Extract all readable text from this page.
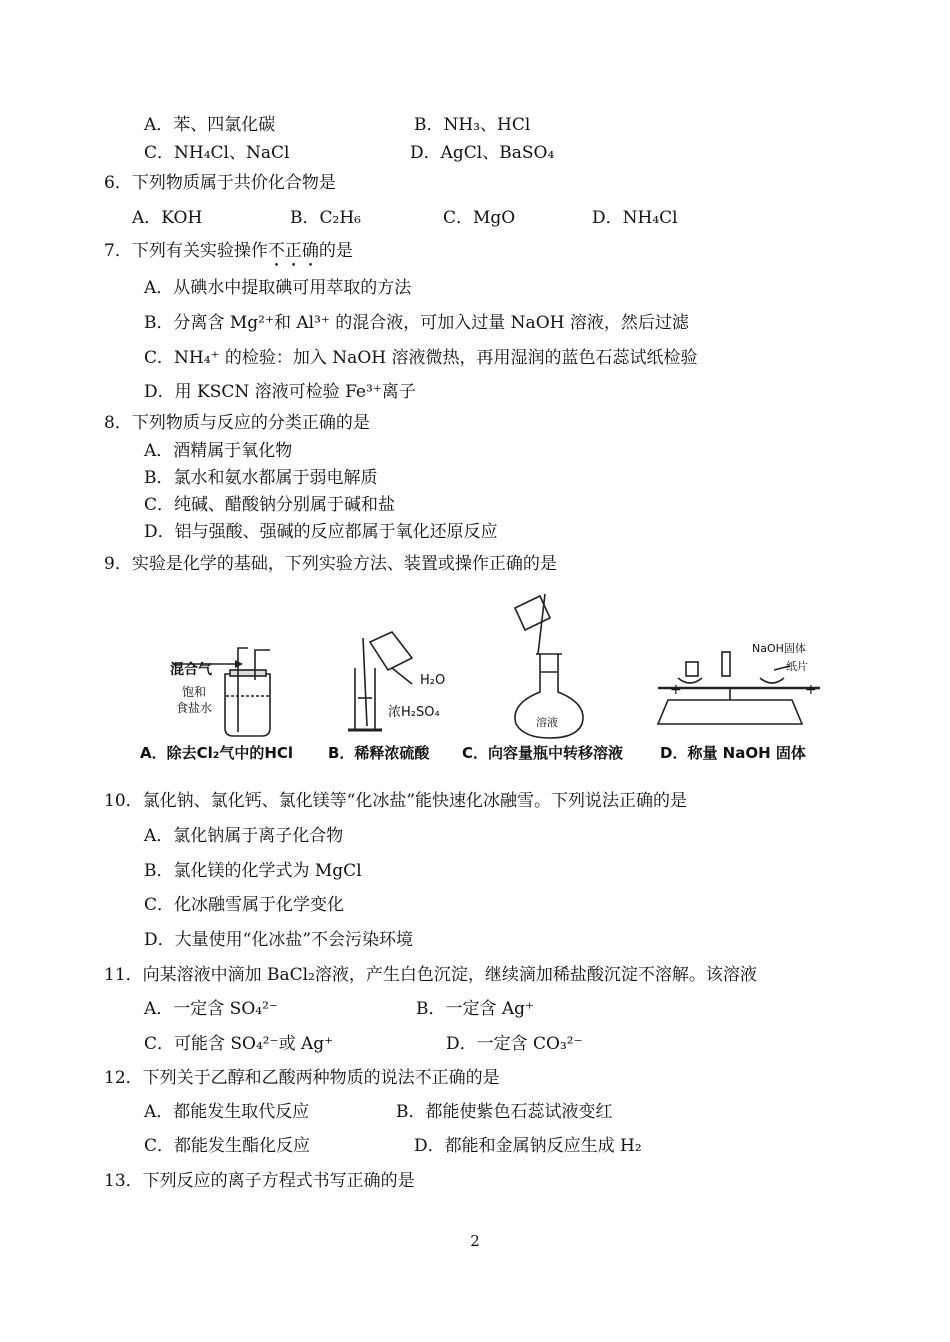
A．苯、四氯化碳	B．NH₃、HCl
C．NH₄Cl、NaCl	D．AgCl、BaSO₄
6．下列物质属于共价化合物是
A．KOH	B．C₂H₆	C．MgO	D．NH₄Cl
7．下列有关实验操作不正确的是
A．从碘水中提取碘可用萃取的方法
B．分离含 Mg²⁺和 Al³⁺ 的混合液，可加入过量 NaOH 溶液，然后过滤
C．NH₄⁺ 的检验：加入 NaOH 溶液微热，再用湿润的蓝色石蕊试纸检验
D．用 KSCN 溶液可检验 Fe³⁺离子
8．下列物质与反应的分类正确的是
A．酒精属于氧化物
B．氯水和氨水都属于弱电解质
C．纯碱、醋酸钠分别属于碱和盐
D．铝与强酸、强碱的反应都属于氧化还原反应
9．实验是化学的基础，下列实验方法、装置或操作正确的是
混合气
饱和
食盐水
H₂O
浓H₂SO₄
溶液
+	+
NaOH固体
纸片
A．除去Cl₂气中的HCl B．稀释浓硫酸 C．向容量瓶中转移溶液 D．称量 NaOH 固体
10．氯化钠、氯化钙、氯化镁等“化冰盐”能快速化冰融雪。下列说法正确的是
A．氯化钠属于离子化合物
B．氯化镁的化学式为 MgCl
C．化冰融雪属于化学变化
D．大量使用“化冰盐”不会污染环境
11．向某溶液中滴加 BaCl₂溶液，产生白色沉淀，继续滴加稀盐酸沉淀不溶解。该溶液
A．一定含 SO₄²⁻	B．一定含 Ag⁺
C．可能含 SO₄²⁻或 Ag⁺	D．一定含 CO₃²⁻
12．下列关于乙醇和乙酸两种物质的说法不正确的是
A．都能发生取代反应	B．都能使紫色石蕊试液变红
C．都能发生酯化反应	D．都能和金属钠反应生成 H₂
13．下列反应的离子方程式书写正确的是
2
